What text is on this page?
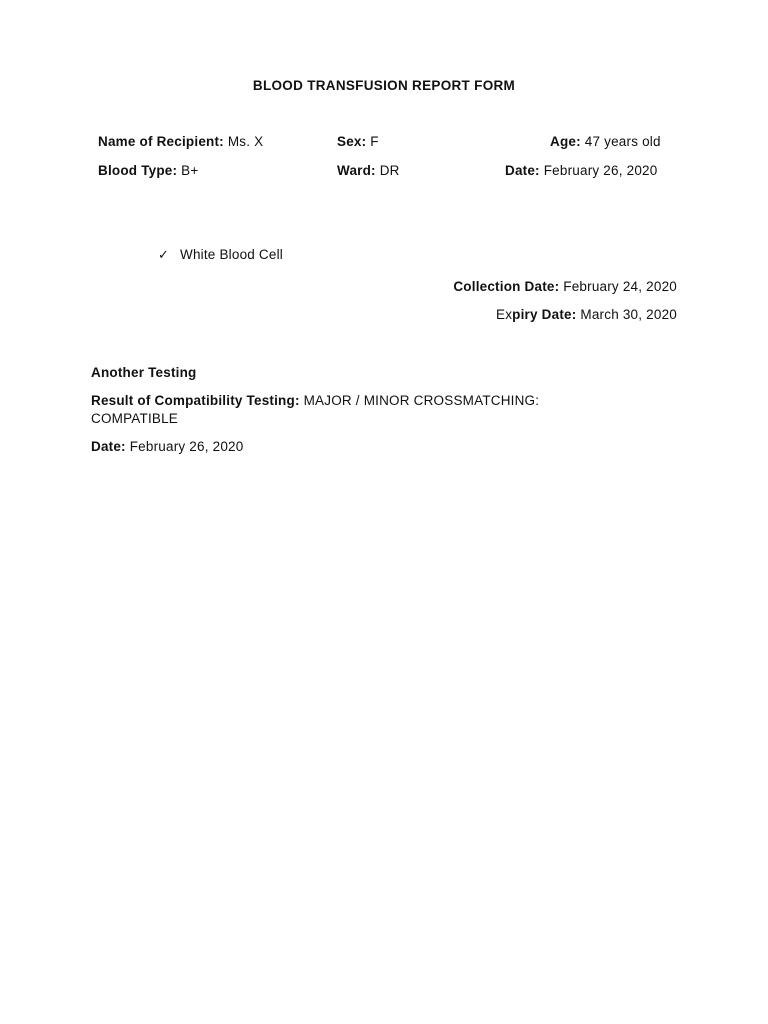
BLOOD TRANSFUSION REPORT FORM
Name of Recipient: Ms. X	Sex: F	Age: 47 years old
Blood Type: B+	Ward: DR	Date: February 26, 2020
✓ White Blood Cell
Collection Date: February 24, 2020
Expiry Date: March 30, 2020
Another Testing
Result of Compatibility Testing: MAJOR / MINOR CROSSMATCHING: COMPATIBLE
Date: February 26, 2020
